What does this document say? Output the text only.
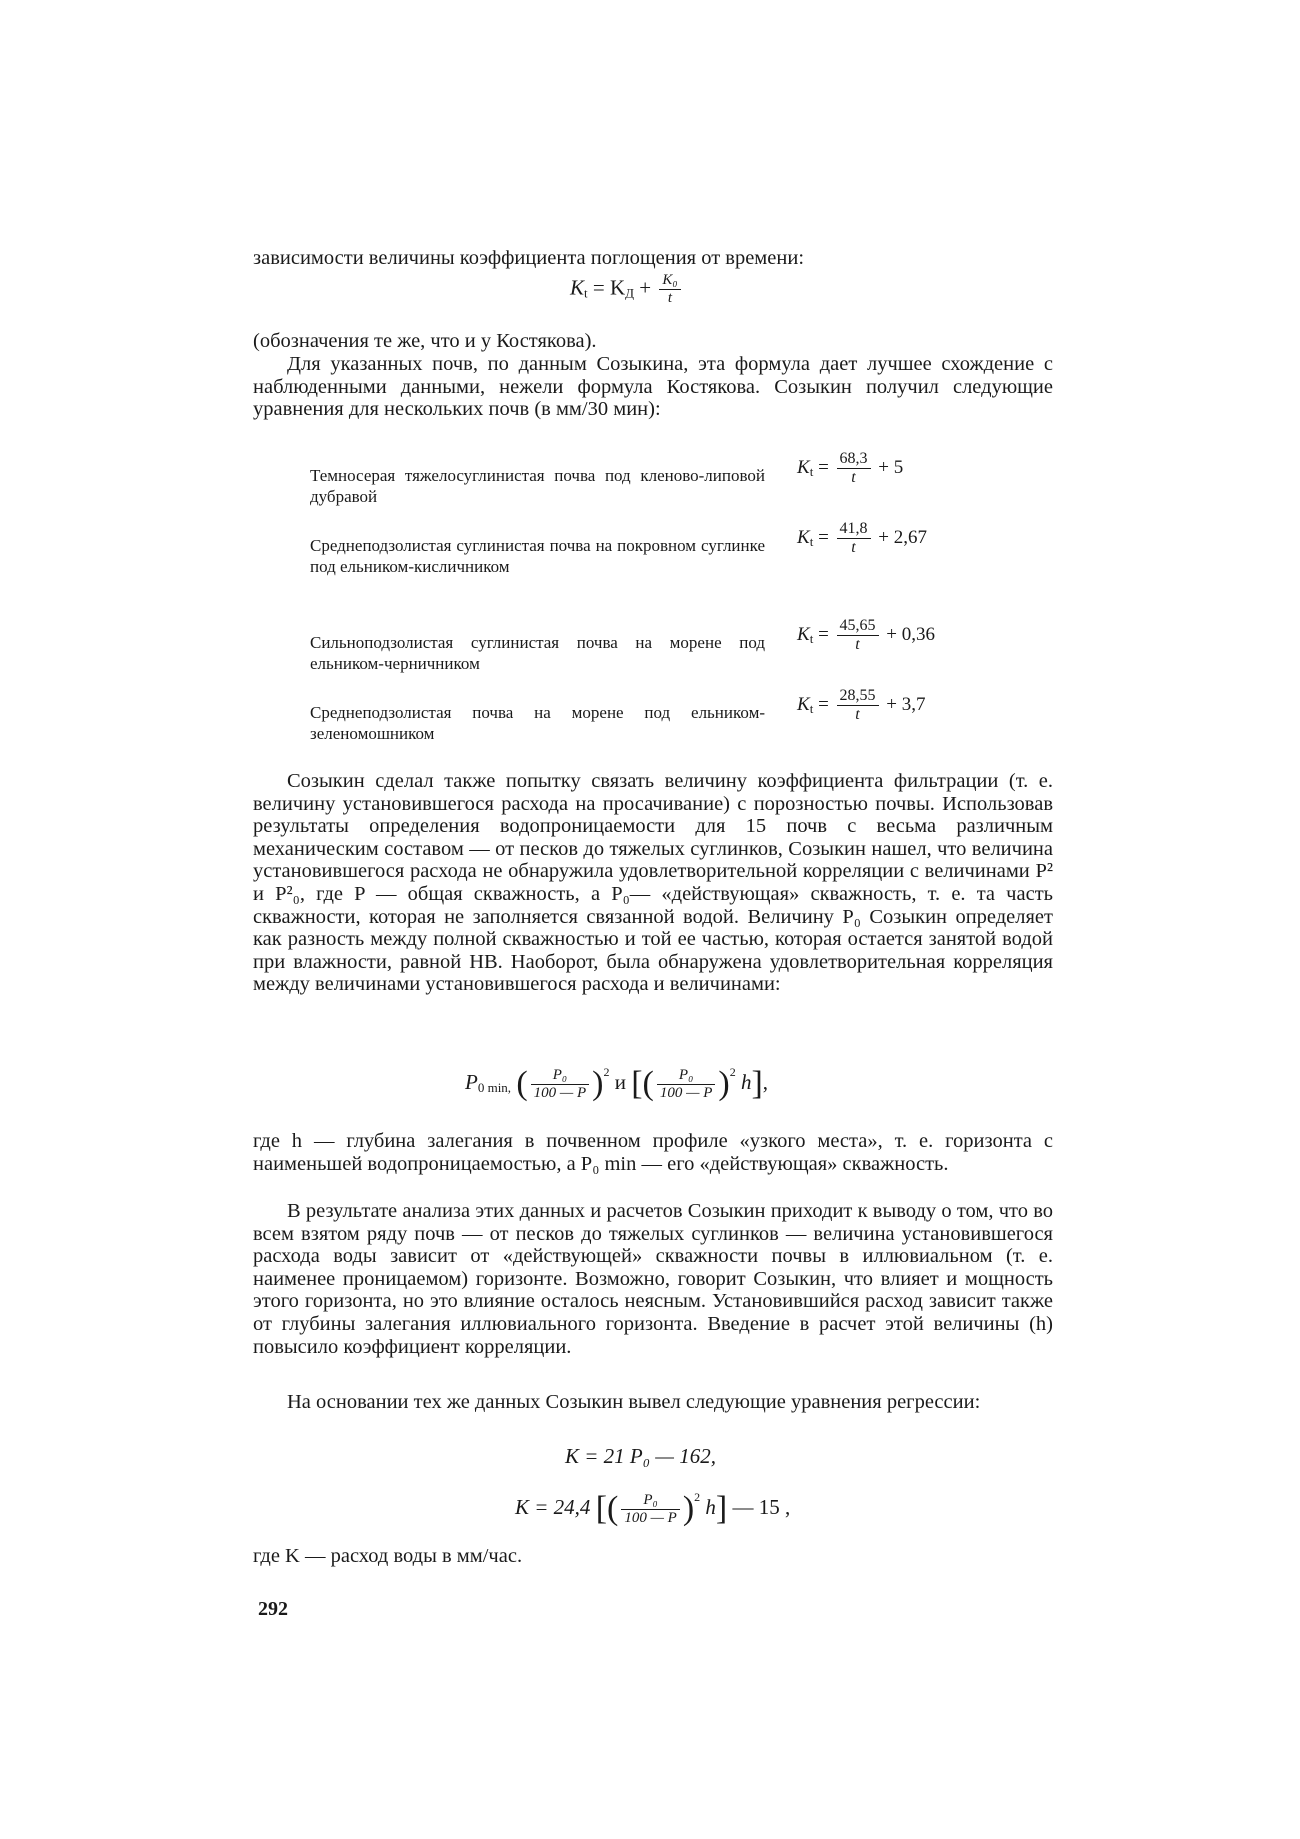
зависимости величины коэффициента поглощения от времени:

$K_t = K_Д + \frac{\text{K₀}}{t}$

(обозначения те же, что и у Костякова).

Для указанных почв, по данным Созыкина, эта формула дает лучшее схождение с наблюденными данными, нежели формула Костякова. Созыкин получил следующие уравнения для нескольких почв (в мм/30 мин):

Темносерая тяжелосуглинистая почва под кленово-липовой дубравой

$K_t = \frac{68,3}{t} + 5$

Среднеподзолистая суглинистая почва на покровном суглинке под ельником-кисличником

$K_t = \frac{41,8}{t} + 2,67$

Сильноподзолистая суглинистая почва на морене под ельником-черничником

$K_t = \frac{45,65}{t} + 0,36$

Среднеподзолистая почва на морене под ельником-зеленомошником

$K_t = \frac{28,55}{t} + 3,7$

Созыкин сделал также попытку связать величину коэффициента фильтрации (т. е. величину установившегося расхода на просачивание) с порозностью почвы. Использовав результаты определения водопроницаемости для 15 почв с весьма различным механическим составом — от песков до тяжелых суглинков, Созыкин нашел, что величина установившегося расхода не обнаружила удовлетворительной корреляции с величинами P² и P²₀, где P — общая скважность, а P₀— «действующая» скважность, т. е. та часть скважности, которая не заполняется связанной водой. Величину P₀ Созыкин определяет как разность между полной скважностью и той ее частью, которая остается занятой водой при влажности, равной НВ. Наоборот, была обнаружена удовлетворительная корреляция между величинами установившегося расхода и величинами:

$P_{0 min,}$ ( $\frac{\text{P₀}}{100 — P} )^2$ и [( $\frac{\text{P₀}}{100 — P} )^2$ h],

где h — глубина залегания в почвенном профиле «узкого места», т. е. горизонта с наименьшей водопроницаемостью, а P₀ min — его «действующая» скважность.

В результате анализа этих данных и расчетов Созыкин приходит к выводу о том, что во всем взятом ряду почв — от песков до тяжелых суглинков — величина установившегося расхода воды зависит от «действующей» скважности почвы в иллювиальном (т. е. наименее проницаемом) горизонте. Возможно, говорит Созыкин, что влияет и мощность этого горизонта, но это влияние осталось неясным. Установившийся расход зависит также от глубины залегания иллювиального горизонта. Введение в расчет этой величины (h) повысило коэффициент корреляции.

На основании тех же данных Созыкин вывел следующие уравнения регрессии:

K = 21 P₀ — 162,
K = 24,4 [( $\frac{\text{P₀}}{100 — P} )^2$ h] — 15 ,

где K — расход воды в мм/час.

292
